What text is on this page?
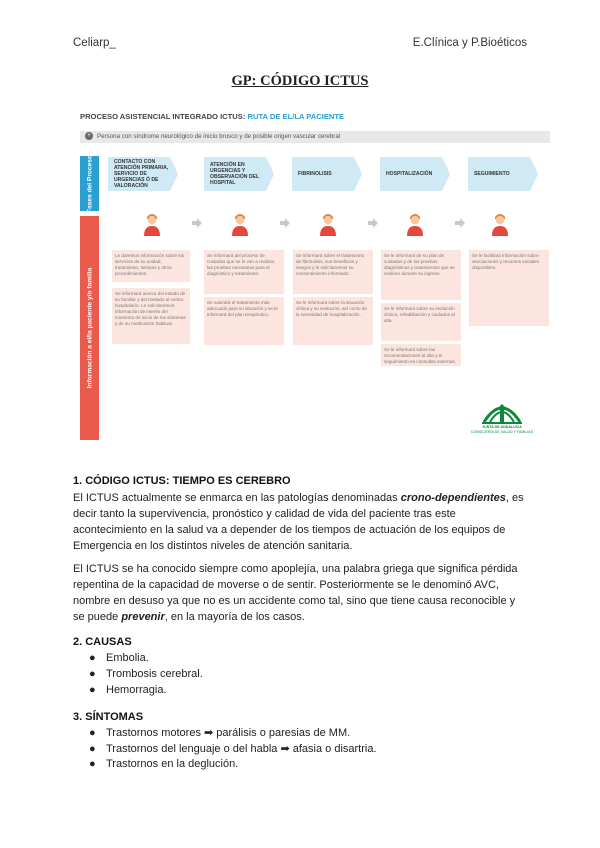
Celiarp_	E.Clínica y P.Bioéticos
GP: CÓDIGO ICTUS
PROCESO ASISTENCIAL INTEGRADO ICTUS: RUTA DE EL/LA PACIENTE
+ Persona con síndrome neurológico de inicio brusco y de posible origen vascular cerebral
Fases del Proceso
Información a el/la paciente y/o familia
CONTACTO CON ATENCIÓN PRIMARIA, SERVICIO DE URGENCIAS Ó DE VALORACIÓN
ATENCIÓN EN URGENCIAS Y OBSERVACIÓN DEL HOSPITAL
FIBRINOLISIS	HOSPITALIZACIÓN	SEGUIMIENTO
Le daremos información sobre los servicios de su unidad, tratamiento, tiempos y otros procedimientos.
Se informará acerca del estado de su familiar y del traslado al centro hospitalario. Le solicitaremos información de interés del momento de inicio de los síntomas y de su medicación habitual.
Se informará del proceso de cuidados que se le van a realizar, las pruebas necesarias para el diagnóstico y tratamiento.
Se valorará el tratamiento más adecuado para su situación y se le informará del plan terapéutico.
Se informará sobre el tratamiento de fibrinolisis, sus beneficios y riesgos y le solicitaremos su consentimiento informado.
Se le informará sobre la situación clínica y su evolución, así como de la necesidad de hospitalización.
Se le informará de su plan de cuidados y de las pruebas diagnósticas y tratamientos que se realicen durante su ingreso.
Se le informará sobre su evolución clínica, rehabilitación y cuidados al alta.
Se le informará sobre las recomendaciones al alta y el seguimiento en consultas externas.
Se le facilitará información sobre asociaciones y recursos sociales disponibles.
JUNTA DE ANDALUCIA
CONSEJERÍA DE SALUD Y FAMILIAS
1. CÓDIGO ICTUS: TIEMPO ES CEREBRO
El ICTUS actualmente se enmarca en las patologías denominadas crono-dependientes, es decir tanto la supervivencia, pronóstico y calidad de vida del paciente tras este acontecimiento en la salud va a depender de los tiempos de actuación de los equipos de Emergencia en los distintos niveles de atención sanitaria.
El ICTUS se ha conocido siempre como apoplejía, una palabra griega que significa pérdida repentina de la capacidad de moverse o de sentir. Posteriormente se le denominó AVC, nombre en desuso ya que no es un accidente como tal, sino que tiene causa reconocible y se puede prevenir, en la mayoría de los casos.
2. CAUSAS
● Embolia.
● Trombosis cerebral.
● Hemorragia.
3. SÍNTOMAS
● Trastornos motores ➡ parálisis o paresias de MM.
● Trastornos del lenguaje o del habla ➡ afasia o disartria.
● Trastornos en la deglución.
